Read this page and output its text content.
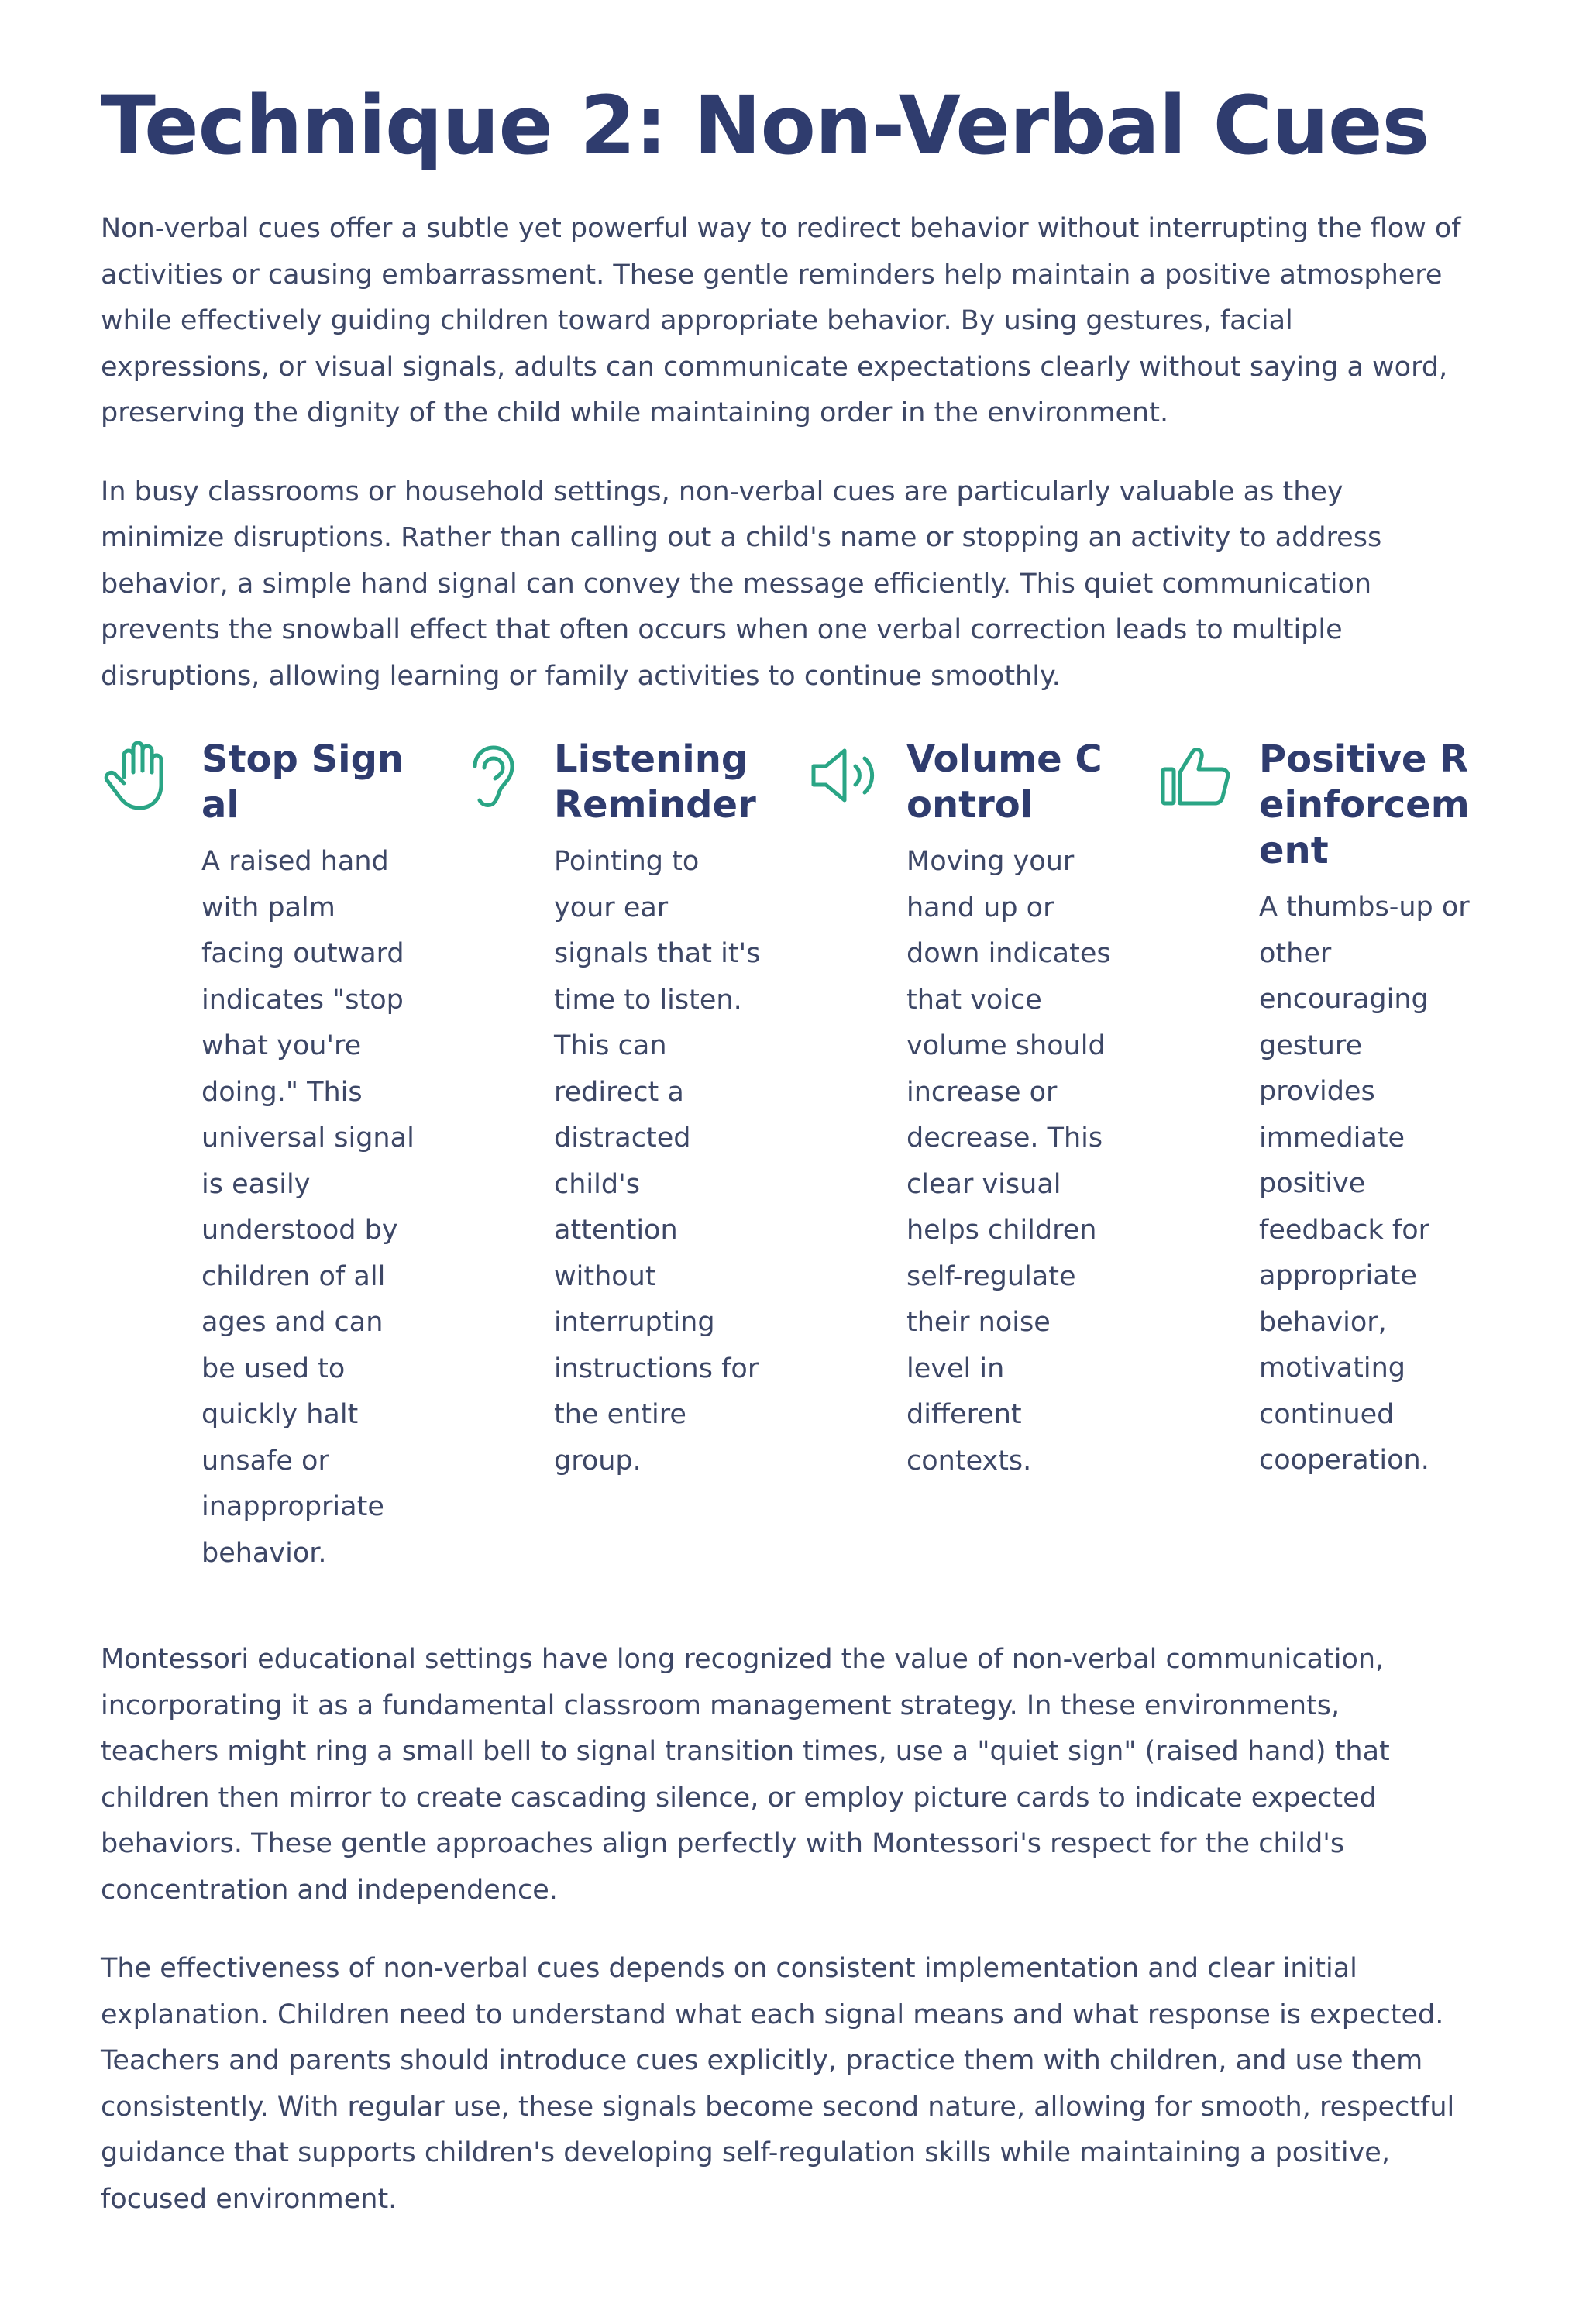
Technique 2: Non-Verbal Cues

Non-verbal cues offer a subtle yet powerful way to redirect behavior without interrupting the flow of activities or causing embarrassment. These gentle reminders help maintain a positive atmosphere while effectively guiding children toward appropriate behavior. By using gestures, facial expressions, or visual signals, adults can communicate expectations clearly without saying a word, preserving the dignity of the child while maintaining order in the environment.

In busy classrooms or household settings, non-verbal cues are particularly valuable as they minimize disruptions. Rather than calling out a child's name or stopping an activity to address behavior, a simple hand signal can convey the message efficiently. This quiet communication prevents the snowball effect that often occurs when one verbal correction leads to multiple disruptions, allowing learning or family activities to continue smoothly.

Stop Signal

A raised hand with palm facing outward indicates "stop what you're doing." This universal signal is easily understood by children of all ages and can be used to quickly halt unsafe or inappropriate behavior.

Listening Reminder

Pointing to your ear signals that it's time to listen. This can redirect a distracted child's attention without interrupting instructions for the entire group.

Volume Control

Moving your hand up or down indicates that voice volume should increase or decrease. This clear visual helps children self-regulate their noise level in different contexts.

Positive Reinforcement

A thumbs-up or other encouraging gesture provides immediate positive feedback for appropriate behavior, motivating continued cooperation.

Montessori educational settings have long recognized the value of non-verbal communication, incorporating it as a fundamental classroom management strategy. In these environments, teachers might ring a small bell to signal transition times, use a "quiet sign" (raised hand) that children then mirror to create cascading silence, or employ picture cards to indicate expected behaviors. These gentle approaches align perfectly with Montessori's respect for the child's concentration and independence.

The effectiveness of non-verbal cues depends on consistent implementation and clear initial explanation. Children need to understand what each signal means and what response is expected. Teachers and parents should introduce cues explicitly, practice them with children, and use them consistently. With regular use, these signals become second nature, allowing for smooth, respectful guidance that supports children's developing self-regulation skills while maintaining a positive, focused environment.
